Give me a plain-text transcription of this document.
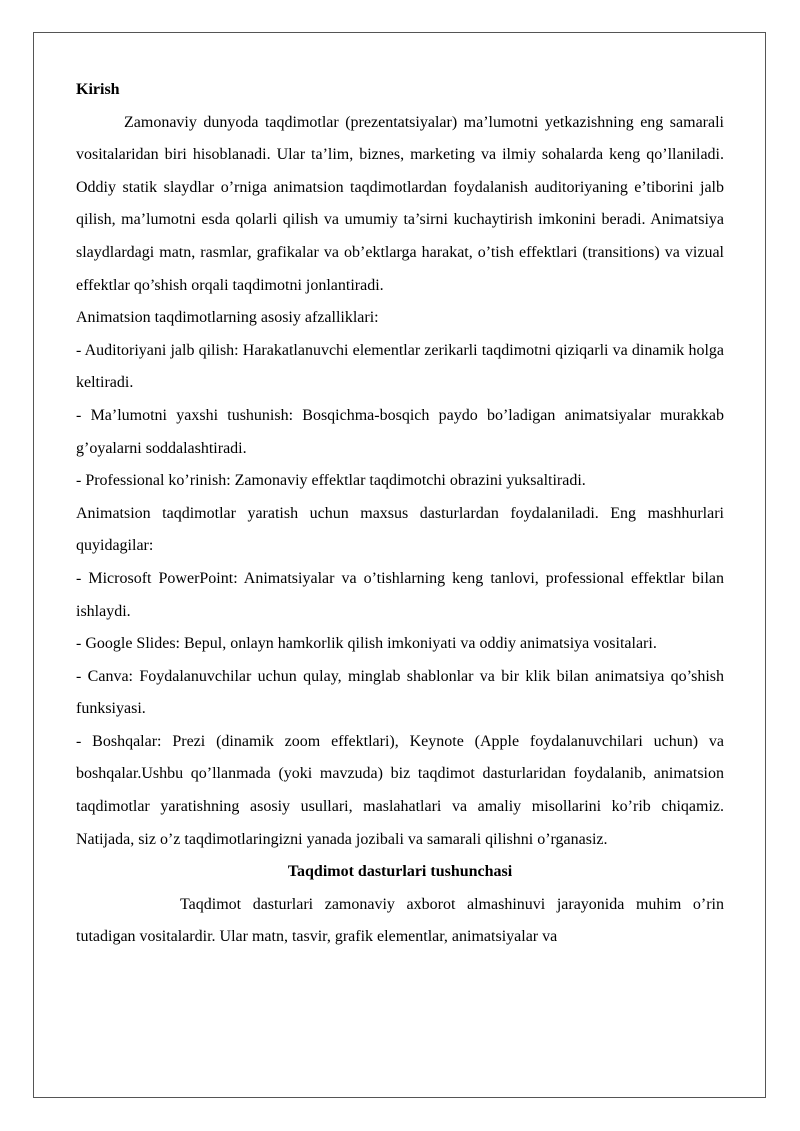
Kirish

Zamonaviy dunyoda taqdimotlar (prezentatsiyalar) ma’lumotni yetkazishning eng samarali vositalaridan biri hisoblanadi. Ular ta’lim, biznes, marketing va ilmiy sohalarda keng qo’llaniladi. Oddiy statik slaydlar o’rniga animatsion taqdimotlardan foydalanish auditoriyaning e’tiborini jalb qilish, ma’lumotni esda qolarli qilish va umumiy ta’sirni kuchaytirish imkonini beradi. Animatsiya slaydlardagi matn, rasmlar, grafikalar va ob’ektlarga harakat, o’tish effektlari (transitions) va vizual effektlar qo’shish orqali taqdimotni jonlantiradi.

Animatsion taqdimotlarning asosiy afzalliklari:

- Auditoriyani jalb qilish: Harakatlanuvchi elementlar zerikarli taqdimotni qiziqarli va dinamik holga keltiradi.

- Ma’lumotni yaxshi tushunish: Bosqichma-bosqich paydo bo’ladigan animatsiyalar murakkab g’oyalarni soddalashtiradi.

- Professional ko’rinish: Zamonaviy effektlar taqdimotchi obrazini yuksaltiradi.

Animatsion taqdimotlar yaratish uchun maxsus dasturlardan foydalaniladi. Eng mashhurlari quyidagilar:

- Microsoft PowerPoint: Animatsiyalar va o’tishlarning keng tanlovi, professional effektlar bilan ishlaydi.

- Google Slides: Bepul, onlayn hamkorlik qilish imkoniyati va oddiy animatsiya vositalari.

- Canva: Foydalanuvchilar uchun qulay, minglab shablonlar va bir klik bilan animatsiya qo’shish funksiyasi.

- Boshqalar: Prezi (dinamik zoom effektlari), Keynote (Apple foydalanuvchilari uchun) va boshqalar.Ushbu qo’llanmada (yoki mavzuda) biz taqdimot dasturlaridan foydalanib, animatsion taqdimotlar yaratishning asosiy usullari, maslahatlari va amaliy misollarini ko’rib chiqamiz. Natijada, siz o’z taqdimotlaringizni yanada jozibali va samarali qilishni o’rganasiz.

Taqdimot dasturlari tushunchasi

Taqdimot dasturlari zamonaviy axborot almashinuvi jarayonida muhim o’rin tutadigan vositalardir. Ular matn, tasvir, grafik elementlar, animatsiyalar va
